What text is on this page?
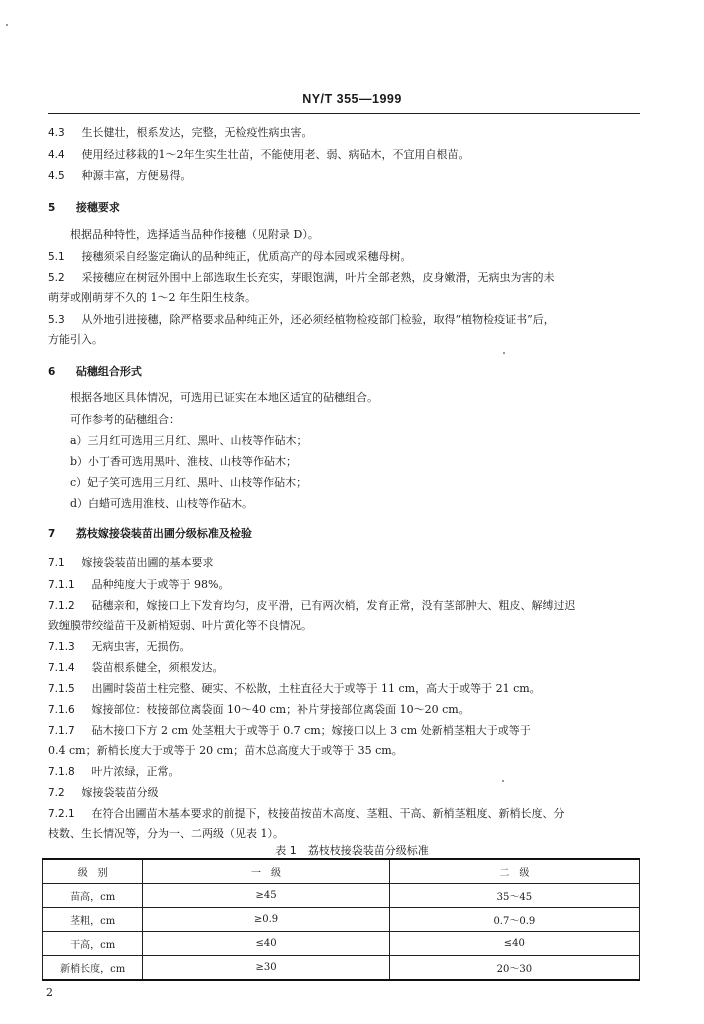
NY/T 355—1999
4.3 生长健壮，根系发达，完整，无检疫性病虫害。
4.4 使用经过移栽的1～2年生实生壮苗，不能使用老、弱、病砧木，不宜用自根苗。
4.5 种源丰富，方便易得。
5 接穗要求
根据品种特性，选择适当品种作接穗（见附录 D）。
5.1 接穗须采自经鉴定确认的品种纯正，优质高产的母本园或采穗母树。
5.2 采接穗应在树冠外围中上部选取生长充实，芽眼饱满，叶片全部老熟，皮身嫩滑，无病虫为害的未
萌芽或刚萌芽不久的 1～2 年生阳生枝条。
5.3 从外地引进接穗，除严格要求品种纯正外，还必须经植物检疫部门检验，取得“植物检疫证书”后，
方能引入。
6 砧穗组合形式
根据各地区具体情况，可选用已证实在本地区适宜的砧穗组合。
可作参考的砧穗组合：
a）三月红可选用三月红、黑叶、山枝等作砧木；
b）小丁香可选用黑叶、淮枝、山枝等作砧木；
c）妃子笑可选用三月红、黑叶、山枝等作砧木；
d）白蜡可选用淮枝、山枝等作砧木。
7 荔枝嫁接袋装苗出圃分级标准及检验
7.1 嫁接袋装苗出圃的基本要求
7.1.1 品种纯度大于或等于 98%。
7.1.2 砧穗亲和，嫁接口上下发育均匀，皮平滑，已有两次梢，发育正常，没有茎部肿大、粗皮、解缚过迟
致缠膜带绞缢苗干及新梢短弱、叶片黄化等不良情况。
7.1.3 无病虫害，无损伤。
7.1.4 袋苗根系健全，须根发达。
7.1.5 出圃时袋苗土柱完整、硬实、不松散，土柱直径大于或等于 11 cm，高大于或等于 21 cm。
7.1.6 嫁接部位：枝接部位离袋面 10～40 cm；补片芽接部位离袋面 10～20 cm。
7.1.7 砧木接口下方 2 cm 处茎粗大于或等于 0.7 cm；嫁接口以上 3 cm 处新梢茎粗大于或等于
0.4 cm；新梢长度大于或等于 20 cm；苗木总高度大于或等于 35 cm。
7.1.8 叶片浓绿，正常。
7.2 嫁接袋装苗分级
7.2.1 在符合出圃苗木基本要求的前提下，枝接苗按苗木高度、茎粗、干高、新梢茎粗度、新梢长度、分
枝数、生长情况等，分为一、二两级（见表 1）。
表 1　荔枝枝接袋装苗分级标准
级　别	一　级	二　级
苗高，cm	≥45	35～45
茎粗，cm	≥0.9	0.7～0.9
干高，cm	≤40	≤40
新梢长度，cm	≥30	20～30
2
